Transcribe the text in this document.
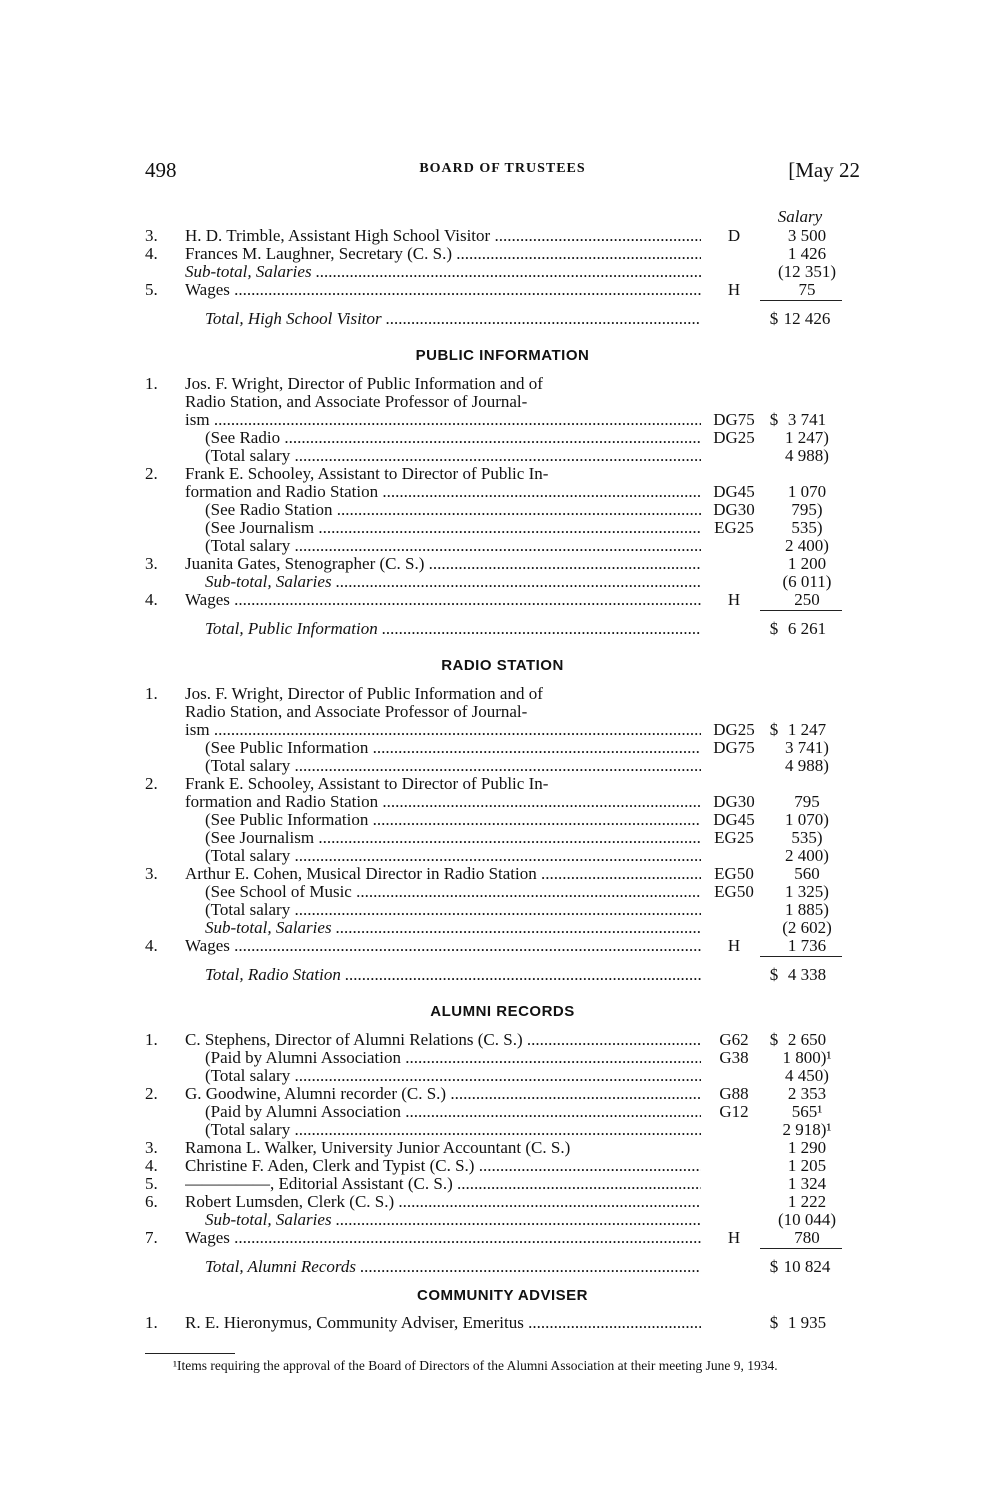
498	BOARD OF TRUSTEES	[May 22
Salary
3. H. D. Trimble, Assistant High School Visitor .....	D	3 500
4. Frances M. Laughner, Secretary (C. S.) .....	1 426
Sub-total, Salaries .....	(12 351)
5. Wages .....	H	75
Total, High School Visitor .....	$ 12 426
1. Jos. F. Wright, Director of Public Information and of
Radio Station, and Associate Professor of Journal-
ism .....	DG75 $ 3 741
(See Radio .....	DG25	1 247)
(Total salary .....	4 988)
2. Frank E. Schooley, Assistant to Director of Public In-
formation and Radio Station .....	DG45	1 070
(See Radio Station .....	DG30	795)
(See Journalism .....	EG25	535)
(Total salary .....	2 400)
3. Juanita Gates, Stenographer (C. S.) .....	1 200
Sub-total, Salaries .....	(6 011)
4. Wages .....	H	250
Total, Public Information .....	$ 6 261
1. Jos. F. Wright, Director of Public Information and of
Radio Station, and Associate Professor of Journal-
ism .....	DG25 $ 1 247
(See Public Information .....	DG75	3 741)
(Total salary .....	4 988)
2. Frank E. Schooley, Assistant to Director of Public In-
formation and Radio Station .....	DG30	795
(See Public Information .....	DG45	1 070)
(See Journalism .....	EG25	535)
(Total salary .....	2 400)
3. Arthur E. Cohen, Musical Director in Radio Station .....	EG50	560
(See School of Music .....	EG50	1 325)
(Total salary .....	1 885)
Sub-total, Salaries .....	(2 602)
4. Wages .....	H	1 736
Total, Radio Station .....	$ 4 338
1. C. Stephens, Director of Alumni Relations (C. S.) .....	G62	$ 2 650
(Paid by Alumni Association .....	G38	1 800)¹
(Total salary .....	4 450)
2. G. Goodwine, Alumni recorder (C. S.) .....	G88	2 353
(Paid by Alumni Association .....	G12	565¹
(Total salary .....	2 918)¹
3. Ramona L. Walker, University Junior Accountant (C. S.)	1 290
4. Christine F. Aden, Clerk and Typist (C. S.) .....	1 205
5. —————, Editorial Assistant (C. S.) .....	1 324
6. Robert Lumsden, Clerk (C. S.) .....	1 222
Sub-total, Salaries .....	(10 044)
7. Wages .....	H	780
Total, Alumni Records .....	$ 10 824
1. R. E. Hieronymus, Community Adviser, Emeritus .....	$ 1 935
PUBLIC INFORMATION
RADIO STATION
ALUMNI RECORDS
COMMUNITY ADVISER
¹Items requiring the approval of the Board of Directors of the Alumni Association at their meeting June 9, 1934.
